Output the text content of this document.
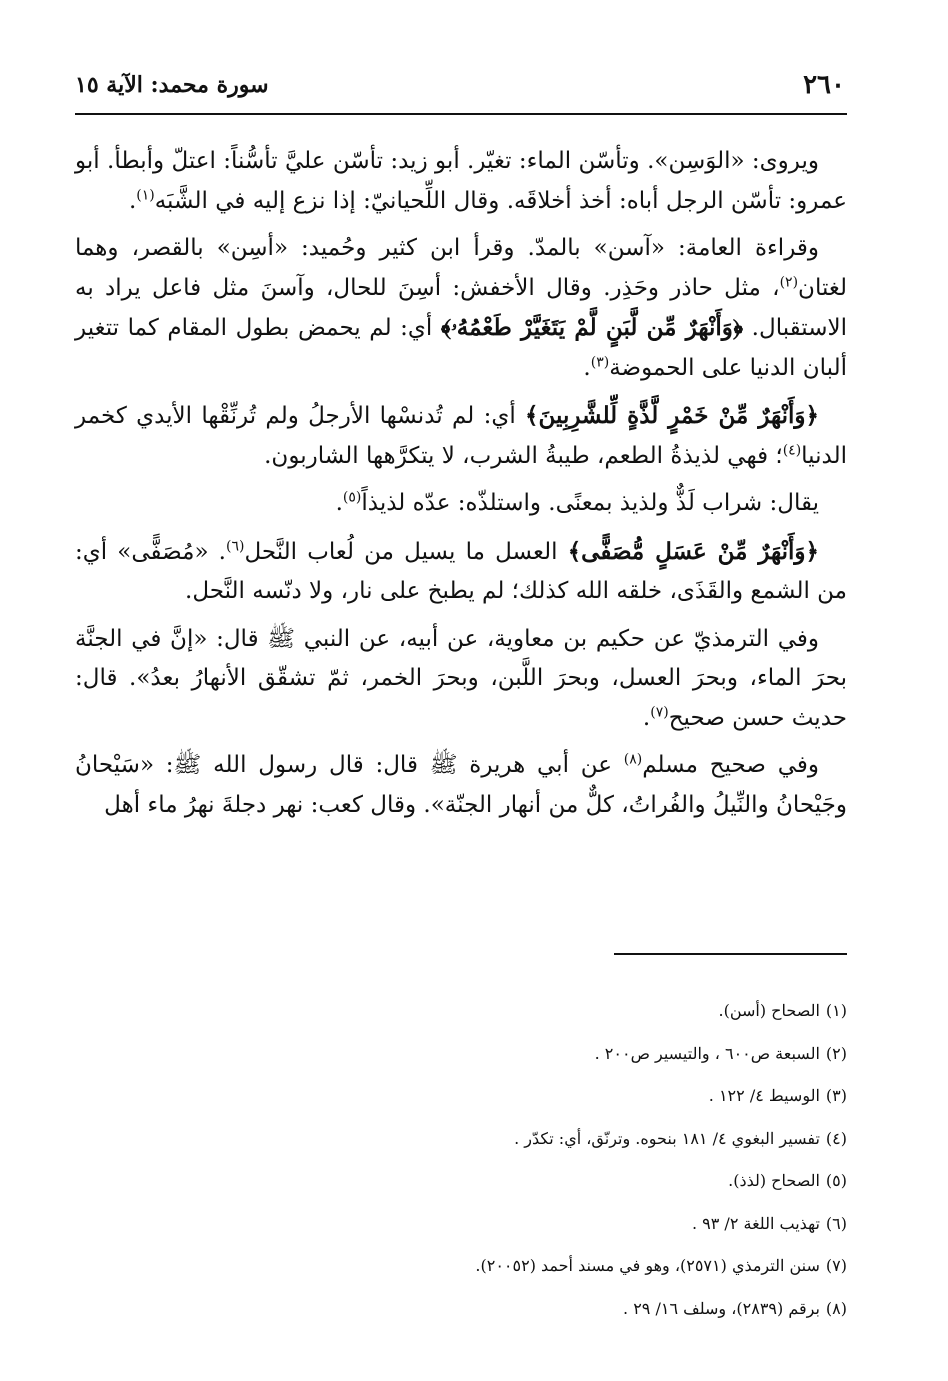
٢٦٠
سورة محمد: الآية ١٥

ويروى: «الوَسِن». وتأسّن الماء: تغيّر. أبو زيد: تأسّن عليَّ تأسُّناً: اعتلّ وأبطأ. أبو عمرو: تأسّن الرجل أباه: أخذ أخلاقَه. وقال اللِّحيانيّ: إذا نزع إليه في الشَّبَه$^{(١)}$.

وقراءة العامة: «آسن» بالمدّ. وقرأ ابن كثير وحُميد: «أسِن» بالقصر، وهما لغتان$^{(٢)}$، مثل حاذر وحَذِر. وقال الأخفش: أسِنَ للحال، وآسنَ مثل فاعل يراد به الاستقبال. ﴿وَأَنْهَرٌ مِّن لَّبَنٍ لَّمْ يَتَغَيَّرْ طَعْمُهُۥ﴾ أي: لم يحمض بطول المقام كما تتغير ألبان الدنيا على الحموضة$^{(٣)}$.

﴿وَأَنْهَرٌ مِّنْ خَمْرٍ لَّذَّةٍ لِّلشَّرِبِينَ﴾ أي: لم تُدنسْها الأرجلُ ولم تُرنِّقْها الأيدي كخمر الدنيا$^{(٤)}$؛ فهي لذيذةُ الطعم، طيبةُ الشرب، لا يتكرَّهها الشاربون.

يقال: شراب لَذٌّ ولذيذ بمعنًى. واستلذّه: عدّه لذيذاً$^{(٥)}$.

﴿وَأَنْهَرٌ مِّنْ عَسَلٍ مُّصَفًّى﴾ العسل ما يسيل من لُعاب النَّحل$^{(٦)}$. «مُصَفًّى» أي: من الشمع والقَذَى، خلقه الله كذلك؛ لم يطبخ على نار، ولا دنّسه النَّحل.

وفي الترمذيّ عن حكيم بن معاوية، عن أبيه، عن النبي ﷺ قال: «إنَّ في الجنَّة بحرَ الماء، وبحرَ العسل، وبحرَ اللَّبن، وبحرَ الخمر، ثمّ تشقّق الأنهارُ بعدُ». قال: حديث حسن صحيح$^{(٧)}$.

وفي صحيح مسلم$^{(٨)}$ عن أبي هريرة ﷺ قال: قال رسول الله ﷺ: «سَيْحانُ وجَيْحانُ والنِّيلُ والفُراتُ، كلٌّ من أنهار الجنّة». وقال كعب: نهر دجلةَ نهرُ ماء أهل

(١)الصحاح (أسن).
(٢)السبعة ص٦٠٠ ، والتيسير ص٢٠٠ .
(٣)الوسيط ٤/ ١٢٢ .
(٤)تفسير البغوي ٤/ ١٨١ بنحوه. وترنّق، أي: تكدّر .
(٥)الصحاح (لذذ).
(٦)تهذيب اللغة ٢/ ٩٣ .
(٧)سنن الترمذي (٢٥٧١)، وهو في مسند أحمد (٢٠٠٥٢).
(٨)برقم (٢٨٣٩)، وسلف ١٦/ ٢٩ .
